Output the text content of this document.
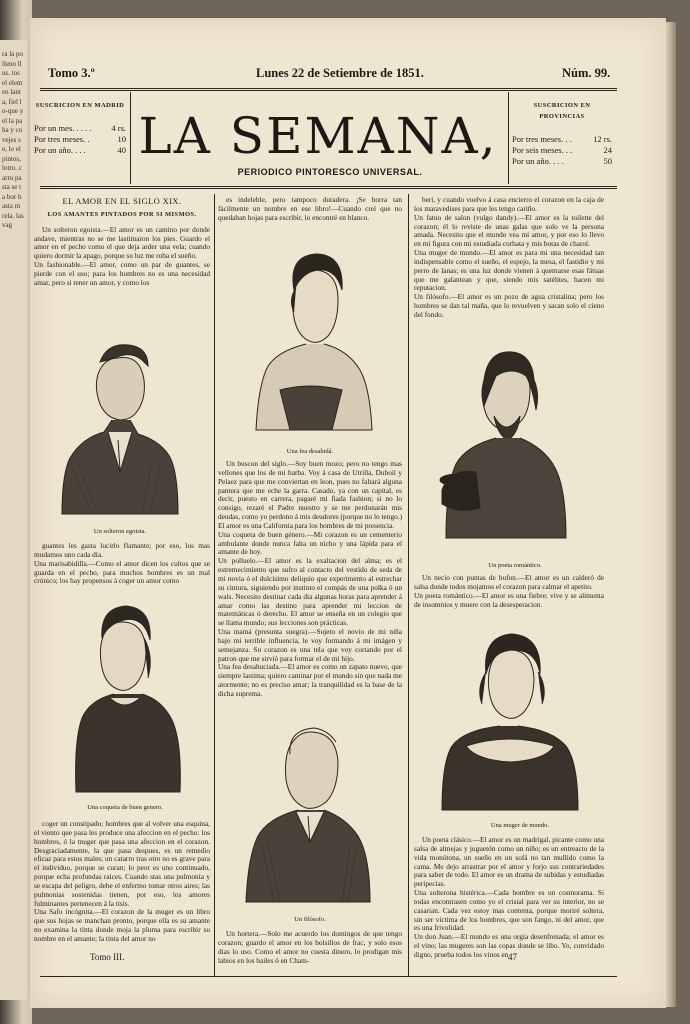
ra la po lleno llus. tos el elemen lanta, fiel lo-que y el la pa ha y co vejes se, lo el pintos, lotro. carru pasta se ta bor hasta m rela. las vag
Tomo 3.º	Lunes 22 de Setiembre de 1851.	Núm. 99.
SUSCRICION EN MADRID
Por un mes. . . . . 4 rs.
Por tres meses. .	10
Por un año. . . .	40 LA SEMANA,
PERIODICO PINTORESCO UNIVERSAL.
SUSCRICION EN PROVINCIAS
Por tres meses. . .	12 rs.
Por seis meses. . .	24
Por un año. . . .	50
EL AMOR EN EL SIGLO XIX.
LOS AMANTES PINTADOS POR SI MISMOS.

Un solteron egoista.—El amor es un camino por donde andave, mientras no se me lastimaron los pies. Guardo el amor en el pecho como el que deja arder una vela; cuando quiero dormir la apago, porque su luz me roba el sueño.
Un fashionable.—El amor, como un par de guantes, se pierde con el uso; para los hombres no es una necesidad amar, pero si tener un amor, y como los

Un solteron egoista.

guantes les gasta lucirlo flamante; por eso, los mas mudamos uno cada dia.
Una marisabidilla.—Como el amor dicen los cultos que se guarda en el pecho, para muchos hombres es un mal crónico; los hay propensos á coger un amor como

Una coqueta de buen genero.

coger un constipado; hombres que al volver una esquina, el viento que pasa les produce una afeccion en el pecho: los hombres, ó la muger que pasa una afeccion en el corazon. Desgraciadamente, la que pasa despues, es un remedio eficaz para estos males; un catarro tras otro no es grave para el individuo, porque se curan; lo peor es uno continuado, porque echa profundas raices. Cuando stas una pulmonia y se escapa del peligro, debe el enfermo tomar otros aires; las pulmonias sostenidas tienen, por eso, los amores fulminantes pertenecen á la tisis.
Una Safo incógnita.—El corazon de la muger es un libro que sus hojas se manchan pronto, porque ella es su amante no examina la tinta donde moja la pluma para escribir su nombre en el amante; la tinta del amor no

es indeleble, pero tampoco duradera. ¡Se borra tan fácilmente un nombre en ese libro!—Cuando creí que no quedaban hojas para escribir, lo encontré en blanco.

Una fea desahidá.

Un buscon del siglo.—Soy buen mozo; pero no tengo mas vellones que los de mi barba. Voy á casa de Utrilla, Duboil y Pelaez para que me conviertan en leon, pues no faltará alguna pantera que me eche la garra. Casado, ya con un capital, es decir, puesto en carrera, pagaré mi fiada fashion; si no lo consigo, rezaré el Padre nuestro y se me perdonarán mis deudas, como yo perdono á mis deudores (porque no lo tengo.) El amor es una California para los hombres de mi presencia.
Una coqueta de buen género.—Mi corazon es un cementerio ambulante donde nunca falta un nicho y una lápida para el amante de hoy.
Un polluelo.—El amor es la exaltacion del alma; es el estremecimiento que sufro al contacto del vestido de seda de mi novia ó el dulcísimo deliquio que experimento al estrechar su cintura, siguiendo por instinto el compás de una polka ó un wals. Necesito destinar cada dia algunas horas para aprender á amar como las destino para aprender mi leccion de matemáticas ó derecho. El amor se enseña en un colegio que se llama mundo; sus lecciones son prácticas.
Una mamá (presunta suegra).—Sujeto el novio de mi niña bajo mi terrible influencia, le voy formando á mi imágen y semejanza. Su corazon es una tela que voy cortando por el patron que me sirvió para formar el de mi hijo.
Una fea desahuciada.—El amor es como un zapato nuevo, que siempre lastima; quiero caminar por el mundo sin que nada me atormente; no es preciso amar; la tranquilidad es la base de la dicha suprema.

Un filósofo.

Un hortera.—Solo me acuerdo los domingos de que tengo corazon; guardo el amor en los bolsillos de frac, y solo esos dias lo uso. Como el amor no cuesta dinero, lo prodigan mis labios en los bailes ó en Cham-

beri, y cuando vuelvo á casa encierro el corazon en la caja de los maravedises para que les tengo cariño.
Un fatuo de salon (vulgo dandy).—El amor es la toilette del corazon; él lo reviste de unas galas que solo ve la persona amada. Necesito que el mundo vea mi amor, y por eso lo llevo en mi figura con mi estudiada corbata y mis botas de charol.
Una muger de mundo.—El amor es para mi una necesidad tan indispensable como el sueño, el espejo, la mesa, el fastidio y mi perro de lanas; es una luz donde vienen á quemarse esas fátuas que me galantean y que, siendo mis satélites, hacen mi reputacion.
Un filósofo.—El amor es un pozo de agua cristalina; pero los hombres se dan tal maña, que lo revuelven y sacan solo el cieno del fondo.

Un poeta romántico.

Un necio con puntas de bufon.—El amor es un calderó de salsa donde todos mojamos el corazon para calmar el apetito.
Un poeta romántico.—El amor es una fiebre; vive y se alimenta de insomnios y muere con la desesperacion.

Una muger de mundo.

Un poeta clásico.—El amor es un madrigal, picante como una salsa de almejas y juguetón como un niño; es un entreacto de la vida monótona, un sueño en un sofá no tan mullido como la cama. Me dejo arrastrar por el amor y forjo sus contrariedades para saber de todo. El amor es un drama de subidas y estudiadas peripecias.
Una solterona histérica.—Cada hombre es un cosmorama. Si todas encontrasen como yo el cristal para ver su interior, no se casarian. Cada vez estoy mas contenta, porque moriré soltera, sin ser víctima de los hombres, que son fango, ni del amor, que es una frivolidad.
Un don Juan.—El mundo es una orgía desenfrenada; el amor es el vino; las mugeres son las copas donde se libo. Yo, convidado digno, prueba todos los vinos en

Tomo III.	47
